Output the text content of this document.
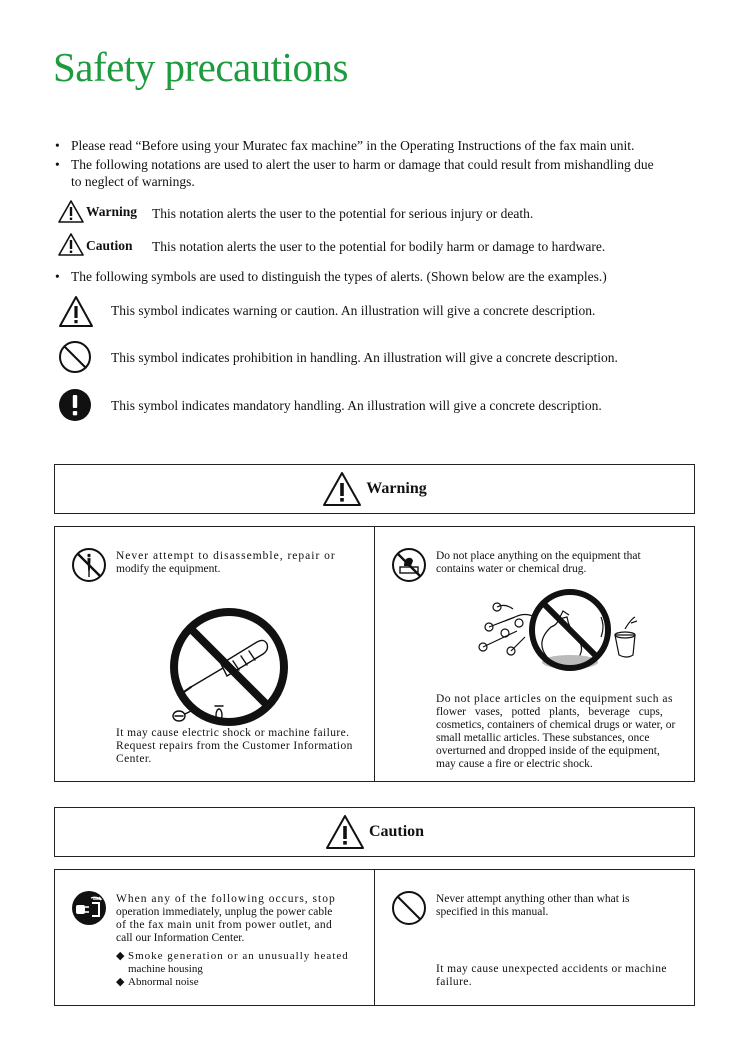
Safety precautions
• Please read “Before using your Muratec fax machine” in the Operating Instructions of the fax main unit.
• The following notations are used to alert the user to harm or damage that could result from mishandling due
to neglect of warnings.
Warning This notation alerts the user to the potential for serious injury or death.
Caution This notation alerts the user to the potential for bodily harm or damage to hardware.
• The following symbols are used to distinguish the types of alerts. (Shown below are the examples.)
This symbol indicates warning or caution. An illustration will give a concrete description.
This symbol indicates prohibition in handling. An illustration will give a concrete description.
This symbol indicates mandatory handling. An illustration will give a concrete description.
Warning
Never attempt to disassemble, repair or
modify the equipment.
It may cause electric shock or machine failure.
Request repairs from the Customer Information
Center.
Do not place anything on the equipment that
contains water or chemical drug.
Do not place articles on the equipment such as
flower vases, potted plants, beverage cups,
cosmetics, containers of chemical drugs or water, or
small metallic articles. These substances, once
overturned and dropped inside of the equipment,
may cause a fire or electric shock.
Caution
When any of the following occurs, stop
operation immediately, unplug the power cable
of the fax main unit from power outlet, and
call our Information Center.
◆ Smoke generation or an unusually heated
machine housing
◆ Abnormal noise
Never attempt anything other than what is
specified in this manual.
It may cause unexpected accidents or machine
failure.
